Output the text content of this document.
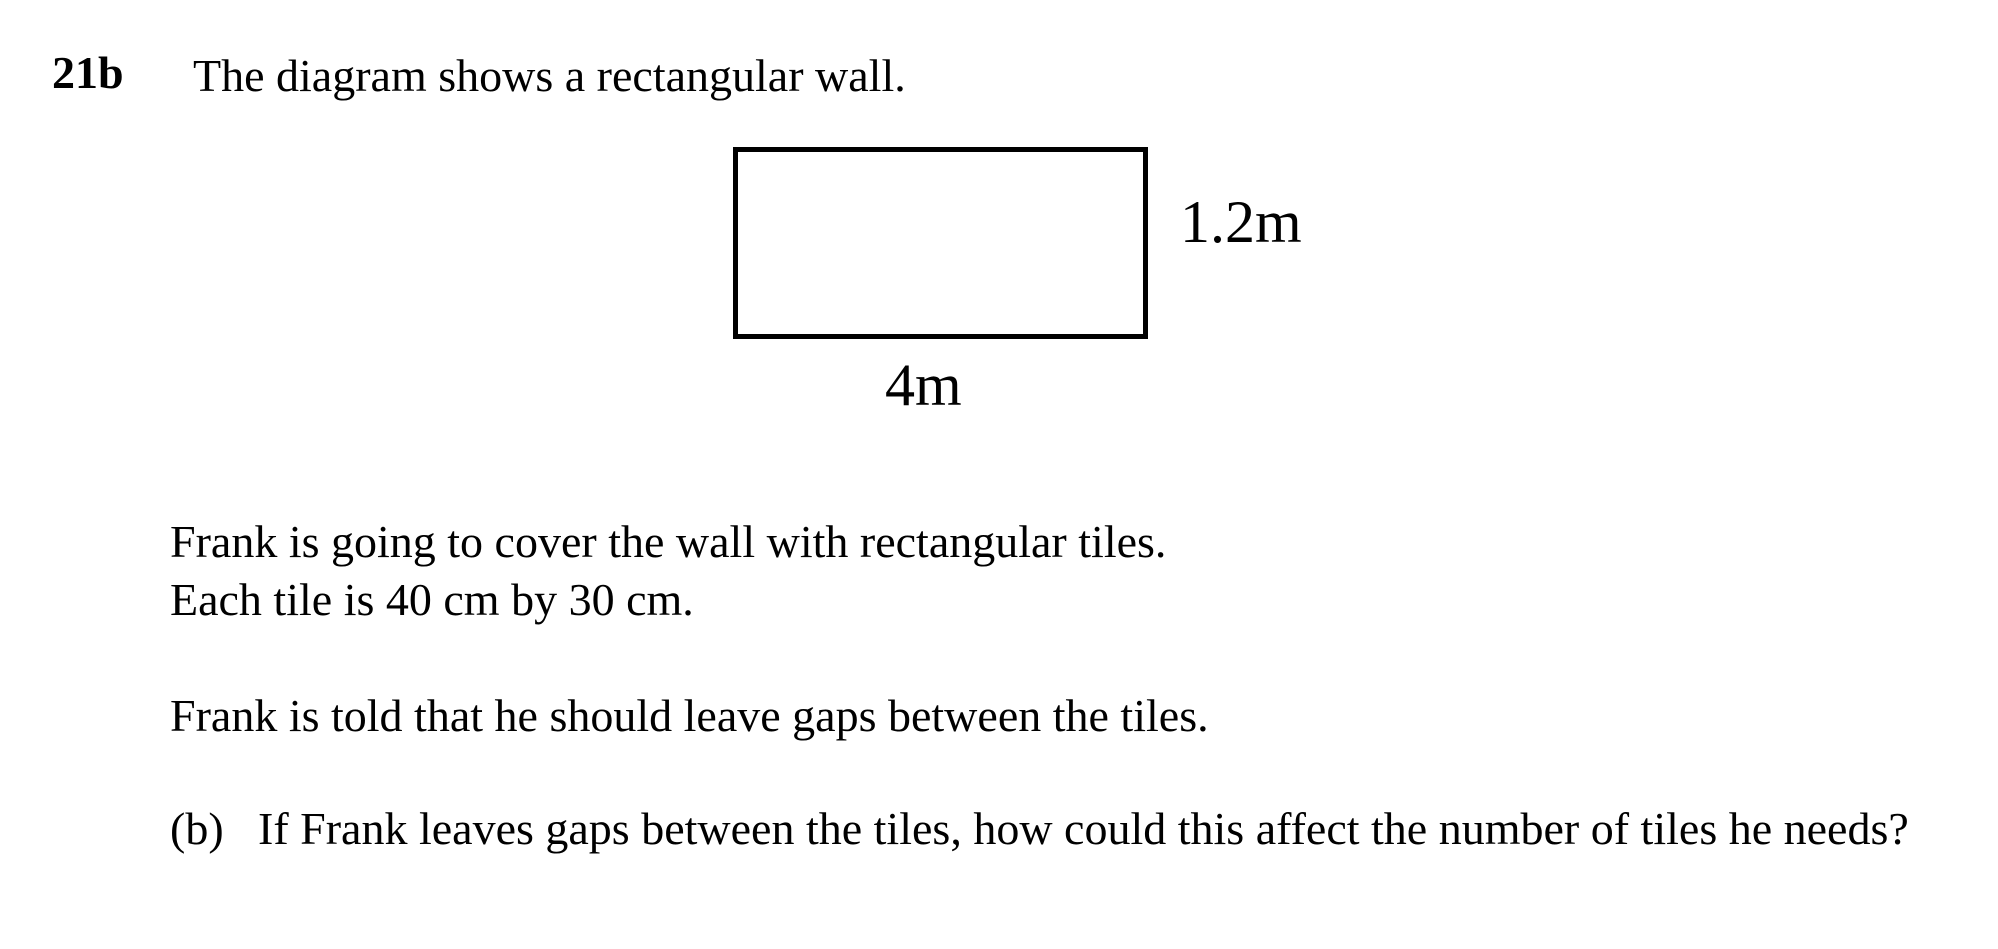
21b The diagram shows a rectangular wall.
1.2m
4m
Frank is going to cover the wall with rectangular tiles.
Each tile is 40 cm by 30 cm.
Frank is told that he should leave gaps between the tiles.
(b) If Frank leaves gaps between the tiles, how could this affect the number of tiles he needs?
